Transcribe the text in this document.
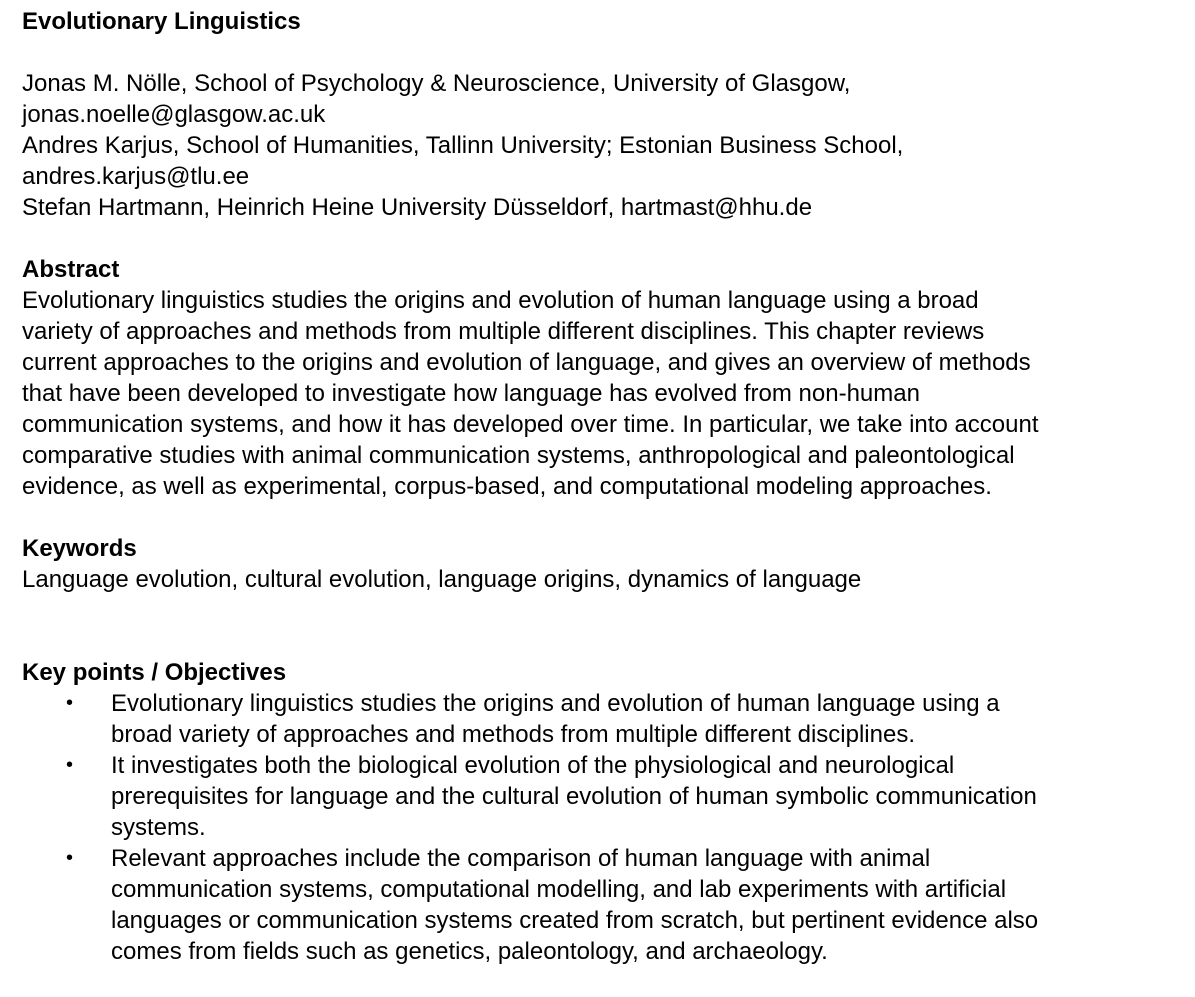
Evolutionary Linguistics
Jonas M. Nölle, School of Psychology & Neuroscience, University of Glasgow,
jonas.noelle@glasgow.ac.uk
Andres Karjus, School of Humanities, Tallinn University; Estonian Business School,
andres.karjus@tlu.ee
Stefan Hartmann, Heinrich Heine University Düsseldorf, hartmast@hhu.de
Abstract
Evolutionary linguistics studies the origins and evolution of human language using a broad
variety of approaches and methods from multiple different disciplines. This chapter reviews
current approaches to the origins and evolution of language, and gives an overview of methods
that have been developed to investigate how language has evolved from non-human
communication systems, and how it has developed over time. In particular, we take into account
comparative studies with animal communication systems, anthropological and paleontological
evidence, as well as experimental, corpus-based, and computational modeling approaches.
Keywords
Language evolution, cultural evolution, language origins, dynamics of language
Key points / Objectives
• Evolutionary linguistics studies the origins and evolution of human language using a
broad variety of approaches and methods from multiple different disciplines.
• It investigates both the biological evolution of the physiological and neurological
prerequisites for language and the cultural evolution of human symbolic communication
systems.
• Relevant approaches include the comparison of human language with animal
communication systems, computational modelling, and lab experiments with artificial
languages or communication systems created from scratch, but pertinent evidence also
comes from fields such as genetics, paleontology, and archaeology.
